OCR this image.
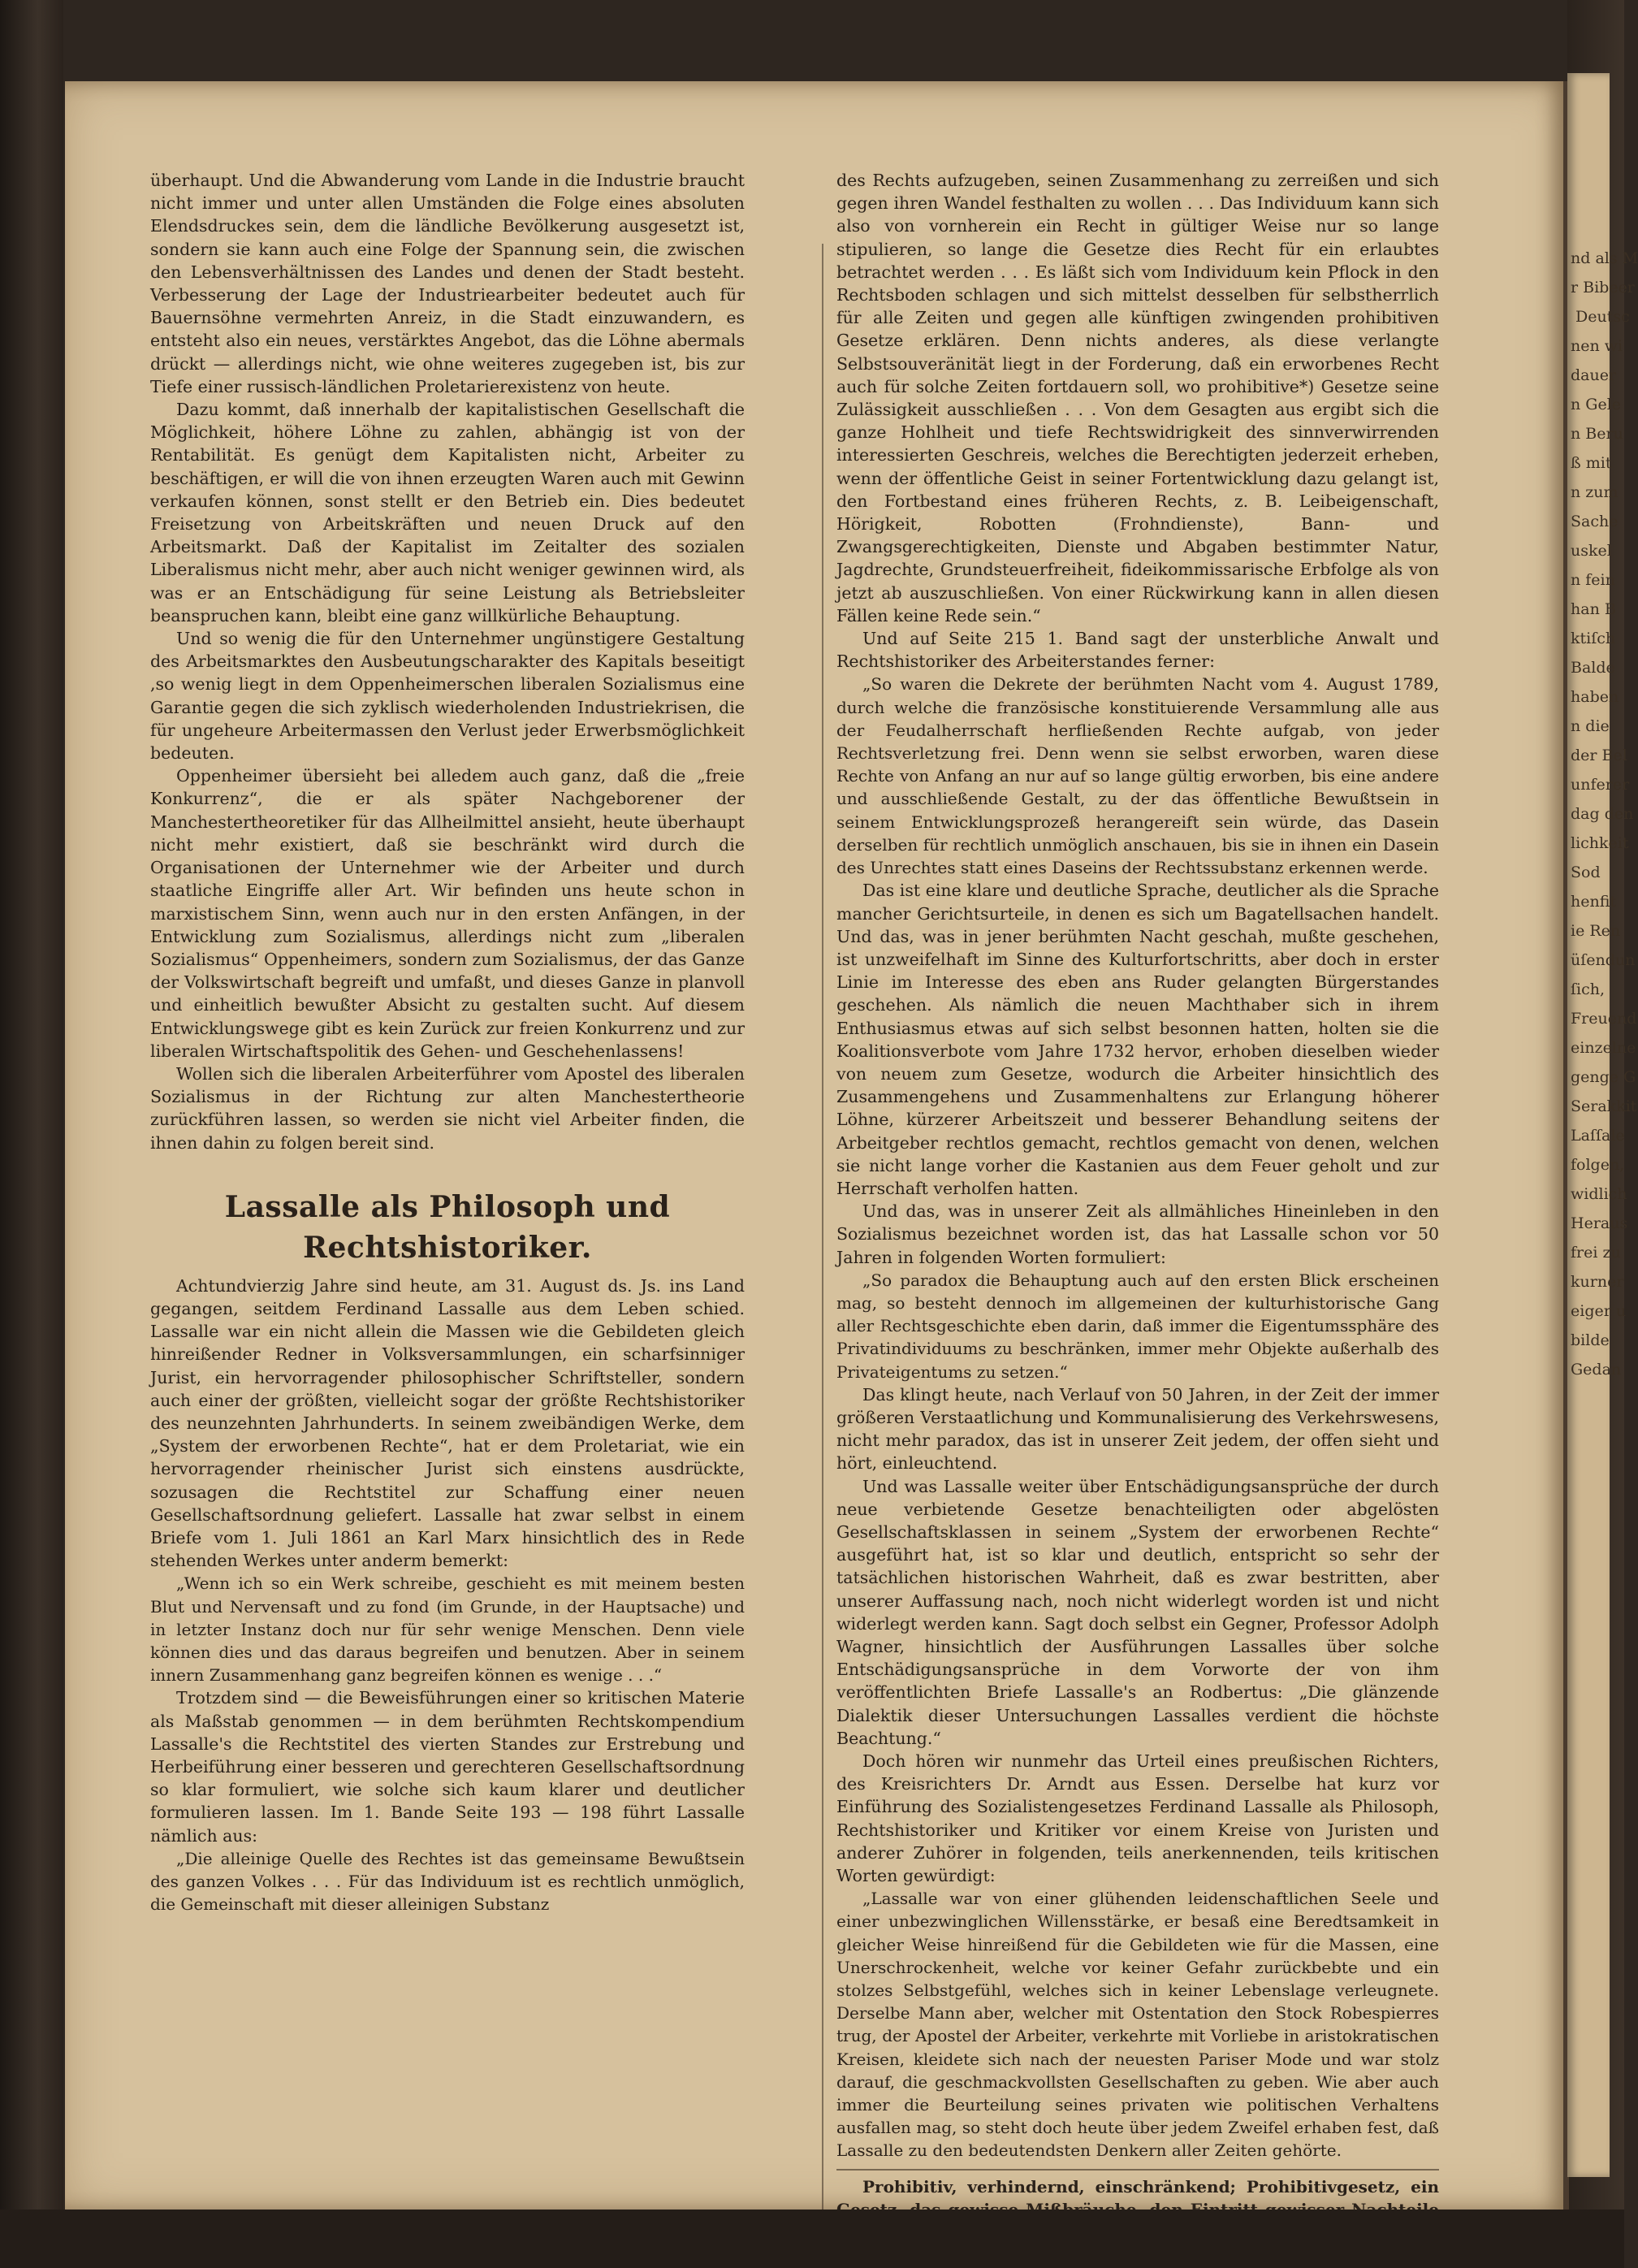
nd als M
r Bibeer
Deutsc
nen
dauer
n Gele
n Beru
ß mit
n zum
Sache
uskel
n fein
han B
ktiſch
Balde
haben
n die
der
unferer
dag
lichkeit
Sod
henfit
ie Ren
üſendun
ſich,
Freuend
einzelne
genge G
Serakkit
Laſſale
folgen,
widlich
Heraus
frei zu
kurner
eiger
bilde
Gedan

überhaupt. Und die Abwanderung vom Lande in die Industrie braucht nicht immer und unter allen Umständen die Folge eines absoluten Elendsdruckes sein, dem die ländliche Bevölkerung ausgesetzt ist, sondern sie kann auch eine Folge der Spannung sein, die zwischen den Lebensverhältnissen des Landes und denen der Stadt besteht. Verbesserung der Lage der Industriearbeiter bedeutet auch für Bauernsöhne vermehrten Anreiz, in die Stadt einzuwandern, es entsteht also ein neues, verstärktes Angebot, das die Löhne abermals drückt — allerdings nicht, wie ohne weiteres zugegeben ist, bis zur Tiefe einer russisch-ländlichen Proletarierexistenz von heute.

Dazu kommt, daß innerhalb der kapitalistischen Gesellschaft die Möglichkeit, höhere Löhne zu zahlen, abhängig ist von der Rentabilität. Es genügt dem Kapitalisten nicht, Arbeiter zu beschäftigen, er will die von ihnen erzeugten Waren auch mit Gewinn verkaufen können, sonst stellt er den Betrieb ein. Dies bedeutet Freisetzung von Arbeitskräften und neuen Druck auf den Arbeitsmarkt. Daß der Kapitalist im Zeitalter des sozialen Liberalismus nicht mehr, aber auch nicht weniger gewinnen wird, als was er an Entschädigung für seine Leistung als Betriebsleiter beanspruchen kann, bleibt eine ganz willkürliche Behauptung.

Und so wenig die für den Unternehmer ungünstigere Gestaltung des Arbeitsmarktes den Ausbeutungscharakter des Kapitals beseitigt ,so wenig liegt in dem Oppenheimerschen liberalen Sozialismus eine Garantie gegen die sich zyklisch wiederholenden Industriekrisen, die für ungeheure Arbeitermassen den Verlust jeder Erwerbsmöglichkeit bedeuten.

Oppenheimer übersieht bei alledem auch ganz, daß die „freie Konkurrenz“, die er als später Nachgeborener der Manchestertheoretiker für das Allheilmittel ansieht, heute überhaupt nicht mehr existiert, daß sie beschränkt wird durch die Organisationen der Unternehmer wie der Arbeiter und durch staatliche Eingriffe aller Art. Wir befinden uns heute schon in marxistischem Sinn, wenn auch nur in den ersten Anfängen, in der Entwicklung zum Sozialismus, allerdings nicht zum „liberalen Sozialismus“ Oppenheimers, sondern zum Sozialismus, der das Ganze der Volkswirtschaft begreift und umfaßt, und dieses Ganze in planvoll und einheitlich bewußter Absicht zu gestalten sucht. Auf diesem Entwicklungswege gibt es kein Zurück zur freien Konkurrenz und zur liberalen Wirtschaftspolitik des Gehen- und Geschehenlassens!

Wollen sich die liberalen Arbeiterführer vom Apostel des liberalen Sozialismus in der Richtung zur alten Manchestertheorie zurückführen lassen, so werden sie nicht viel Arbeiter finden, die ihnen dahin zu folgen bereit sind.

Lassalle als Philosoph und Rechtshistoriker.

Achtundvierzig Jahre sind heute, am 31. August ds. Js. ins Land gegangen, seitdem Ferdinand Lassalle aus dem Leben schied. Lassalle war ein nicht allein die Massen wie die Gebildeten gleich hinreißender Redner in Volksversammlungen, ein scharfsinniger Jurist, ein hervorragender philosophischer Schriftsteller, sondern auch einer der größten, vielleicht sogar der größte Rechtshistoriker des neunzehnten Jahrhunderts. In seinem zweibändigen Werke, dem „System der erworbenen Rechte“, hat er dem Proletariat, wie ein hervorragender rheinischer Jurist sich einstens ausdrückte, sozusagen die Rechtstitel zur Schaffung einer neuen Gesellschaftsordnung geliefert. Lassalle hat zwar selbst in einem Briefe vom 1. Juli 1861 an Karl Marx hinsichtlich des in Rede stehenden Werkes unter anderm bemerkt:

„Wenn ich so ein Werk schreibe, geschieht es mit meinem besten Blut und Nervensaft und zu fond (im Grunde, in der Hauptsache) und in letzter Instanz doch nur für sehr wenige Menschen. Denn viele können dies und das daraus begreifen und benutzen. Aber in seinem innern Zusammenhang ganz begreifen können es wenige . . .“

Trotzdem sind — die Beweisführungen einer so kritischen Materie als Maßstab genommen — in dem berühmten Rechtskompendium Lassalle's die Rechtstitel des vierten Standes zur Erstrebung und Herbeiführung einer besseren und gerechteren Gesellschaftsordnung so klar formuliert, wie solche sich kaum klarer und deutlicher formulieren lassen. Im 1. Bande Seite 193 — 198 führt Lassalle nämlich aus:

„Die alleinige Quelle des Rechtes ist das gemeinsame Bewußtsein des ganzen Volkes . . . Für das Individuum ist es rechtlich unmöglich, die Gemeinschaft mit dieser alleinigen Substanz

des Rechts aufzugeben, seinen Zusammenhang zu zerreißen und sich gegen ihren Wandel festhalten zu wollen . . . Das Individuum kann sich also von vornherein ein Recht in gültiger Weise nur so lange stipulieren, so lange die Gesetze dies Recht für ein erlaubtes betrachtet werden . . . Es läßt sich vom Individuum kein Pflock in den Rechtsboden schlagen und sich mittelst desselben für selbstherrlich für alle Zeiten und gegen alle künftigen zwingenden prohibitiven Gesetze erklären. Denn nichts anderes, als diese verlangte Selbstsouveränität liegt in der Forderung, daß ein erworbenes Recht auch für solche Zeiten fortdauern soll, wo prohibitive*) Gesetze seine Zulässigkeit ausschließen . . . Von dem Gesagten aus ergibt sich die ganze Hohlheit und tiefe Rechtswidrigkeit des sinnverwirrenden interessierten Geschreis, welches die Berechtigten jederzeit erheben, wenn der öffentliche Geist in seiner Fortentwicklung dazu gelangt ist, den Fortbestand eines früheren Rechts, z. B. Leibeigenschaft, Hörigkeit, Robotten (Frohndienste), Bann- und Zwangsgerechtigkeiten, Dienste und Abgaben bestimmter Natur, Jagdrechte, Grundsteuerfreiheit, fideikommissarische Erbfolge als von jetzt ab auszuschließen. Von einer Rückwirkung kann in allen diesen Fällen keine Rede sein.“

Und auf Seite 215 1. Band sagt der unsterbliche Anwalt und Rechtshistoriker des Arbeiterstandes ferner:

„So waren die Dekrete der berühmten Nacht vom 4. August 1789, durch welche die französische konstituierende Versammlung alle aus der Feudalherrschaft herfließenden Rechte aufgab, von jeder Rechtsverletzung frei. Denn wenn sie selbst erworben, waren diese Rechte von Anfang an nur auf so lange gültig erworben, bis eine andere und ausschließende Gestalt, zu der das öffentliche Bewußtsein in seinem Entwicklungsprozeß herangereift sein würde, das Dasein derselben für rechtlich unmöglich anschauen, bis sie in ihnen ein Dasein des Unrechtes statt eines Daseins der Rechtssubstanz erkennen werde.

Das ist eine klare und deutliche Sprache, deutlicher als die Sprache mancher Gerichtsurteile, in denen es sich um Bagatellsachen handelt. Und das, was in jener berühmten Nacht geschah, mußte geschehen, ist unzweifelhaft im Sinne des Kulturfortschritts, aber doch in erster Linie im Interesse des eben ans Ruder gelangten Bürgerstandes geschehen. Als nämlich die neuen Machthaber sich in ihrem Enthusiasmus etwas auf sich selbst besonnen hatten, holten sie die Koalitionsverbote vom Jahre 1732 hervor, erhoben dieselben wieder von neuem zum Gesetze, wodurch die Arbeiter hinsichtlich des Zusammengehens und Zusammenhaltens zur Erlangung höherer Löhne, kürzerer Arbeitszeit und besserer Behandlung seitens der Arbeitgeber rechtlos gemacht, rechtlos gemacht von denen, welchen sie nicht lange vorher die Kastanien aus dem Feuer geholt und zur Herrschaft verholfen hatten.

Und das, was in unserer Zeit als allmähliches Hineinleben in den Sozialismus bezeichnet worden ist, das hat Lassalle schon vor 50 Jahren in folgenden Worten formuliert:

„So paradox die Behauptung auch auf den ersten Blick erscheinen mag, so besteht dennoch im allgemeinen der kulturhistorische Gang aller Rechtsgeschichte eben darin, daß immer die Eigentumssphäre des Privatindividuums zu beschränken, immer mehr Objekte außerhalb des Privateigentums zu setzen.“

Das klingt heute, nach Verlauf von 50 Jahren, in der Zeit der immer größeren Verstaatlichung und Kommunalisierung des Verkehrswesens, nicht mehr paradox, das ist in unserer Zeit jedem, der offen sieht und hört, einleuchtend.

Und was Lassalle weiter über Entschädigungsansprüche der durch neue verbietende Gesetze benachteiligten oder abgelösten Gesellschaftsklassen in seinem „System der erworbenen Rechte“ ausgeführt hat, ist so klar und deutlich, entspricht so sehr der tatsächlichen historischen Wahrheit, daß es zwar bestritten, aber unserer Auffassung nach, noch nicht widerlegt worden ist und nicht widerlegt werden kann. Sagt doch selbst ein Gegner, Professor Adolph Wagner, hinsichtlich der Ausführungen Lassalles über solche Entschädigungsansprüche in dem Vorworte der von ihm veröffentlichten Briefe Lassalle's an Rodbertus: „Die glänzende Dialektik dieser Untersuchungen Lassalles verdient die höchste Beachtung.“

Doch hören wir nunmehr das Urteil eines preußischen Richters, des Kreisrichters Dr. Arndt aus Essen. Derselbe hat kurz vor Einführung des Sozialistengesetzes Ferdinand Lassalle als Philosoph, Rechtshistoriker und Kritiker vor einem Kreise von Juristen und anderer Zuhörer in folgenden, teils anerkennenden, teils kritischen Worten gewürdigt:

„Lassalle war von einer glühenden leidenschaftlichen Seele und einer unbezwinglichen Willensstärke, er besaß eine Beredtsamkeit in gleicher Weise hinreißend für die Gebildeten wie für die Massen, eine Unerschrockenheit, welche vor keiner Gefahr zurückbebte und ein stolzes Selbstgefühl, welches sich in keiner Lebenslage verleugnete. Derselbe Mann aber, welcher mit Ostentation den Stock Robespierres trug, der Apostel der Arbeiter, verkehrte mit Vorliebe in aristokratischen Kreisen, kleidete sich nach der neuesten Pariser Mode und war stolz darauf, die geschmackvollsten Gesellschaften zu geben. Wie aber auch immer die Beurteilung seines privaten wie politischen Verhaltens ausfallen mag, so steht doch heute über jedem Zweifel erhaben fest, daß Lassalle zu den bedeutendsten Denkern aller Zeiten gehörte.

Prohibitiv, verhindernd, einschränkend; Prohibitivgesetz, ein
